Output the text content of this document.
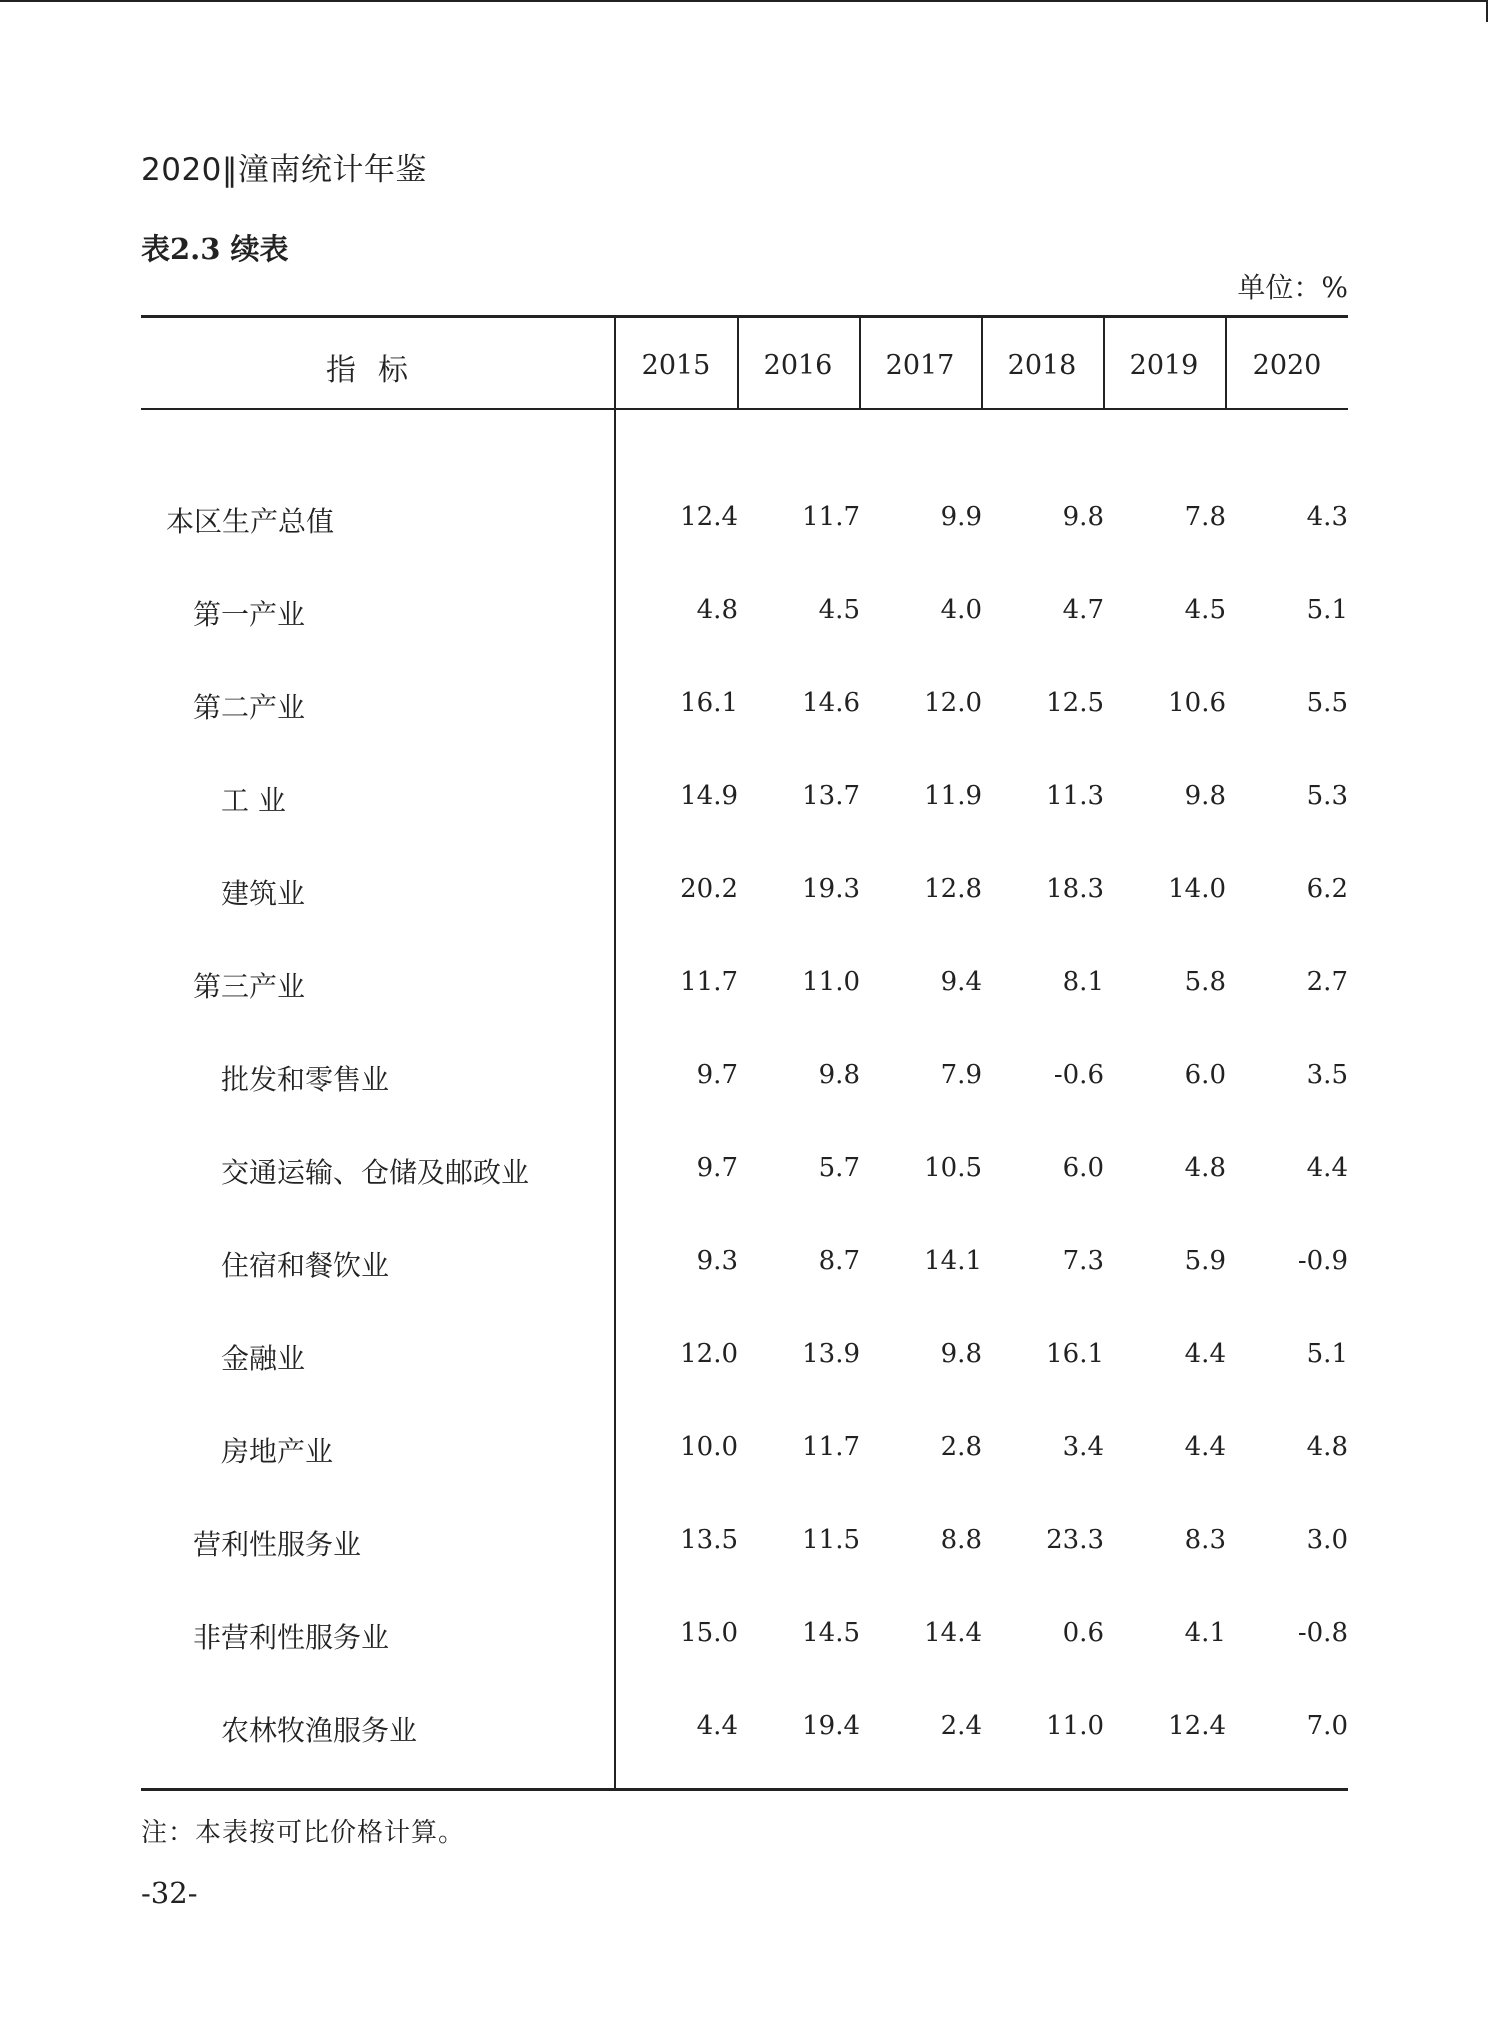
2020‖潼南统计年鉴
表2.3 续表
单位：%
指标	2015	2016	2017	2018	2019	2020
本区生产总值	12.4	11.7	9.9	9.8	7.8	4.3
第一产业	4.8	4.5	4.0	4.7	4.5	5.1
第二产业	16.1	14.6	12.0	12.5	10.6	5.5
工 业	14.9	13.7	11.9	11.3	9.8	5.3
建筑业	20.2	19.3	12.8	18.3	14.0	6.2
第三产业	11.7	11.0	9.4	8.1	5.8	2.7
批发和零售业	9.7	9.8	7.9	-0.6	6.0	3.5
交通运输、仓储及邮政业	9.7	5.7	10.5	6.0	4.8	4.4
住宿和餐饮业	9.3	8.7	14.1	7.3	5.9	-0.9
金融业	12.0	13.9	9.8	16.1	4.4	5.1
房地产业	10.0	11.7	2.8	3.4	4.4	4.8
营利性服务业	13.5	11.5	8.8	23.3	8.3	3.0
非营利性服务业	15.0	14.5	14.4	0.6	4.1	-0.8
农林牧渔服务业	4.4	19.4	2.4	11.0	12.4	7.0
注：本表按可比价格计算。
-32-
